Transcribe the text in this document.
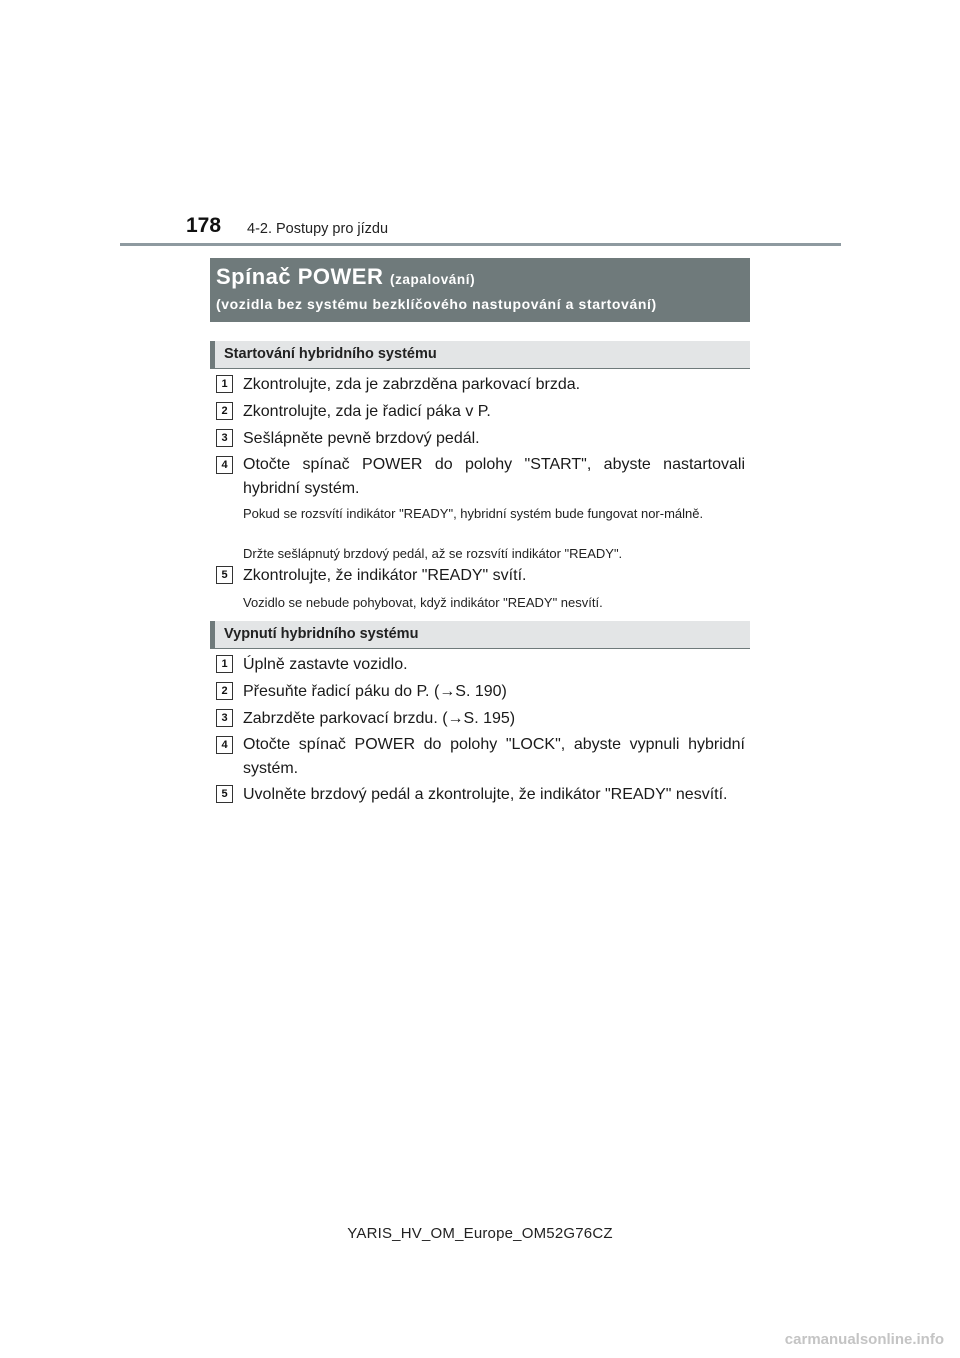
178 4-2. Postupy pro jízdu
Spínač POWER (zapalování)
(vozidla bez systému bezklíčového nastupování a startování)
Startování hybridního systému
1 Zkontrolujte, zda je zabrzděna parkovací brzda.
2 Zkontrolujte, zda je řadicí páka v P.
3 Sešlápněte pevně brzdový pedál.
4 Otočte spínač POWER do polohy "START", abyste nastartovali hybridní systém.
Pokud se rozsvítí indikátor "READY", hybridní systém bude fungovat nor-málně.
Držte sešlápnutý brzdový pedál, až se rozsvítí indikátor "READY".
5 Zkontrolujte, že indikátor "READY" svítí.
Vozidlo se nebude pohybovat, když indikátor "READY" nesvítí.
Vypnutí hybridního systému
1 Úplně zastavte vozidlo.
2 Přesuňte řadicí páku do P. (→S. 190)
3 Zabrzděte parkovací brzdu. (→S. 195)
4 Otočte spínač POWER do polohy "LOCK", abyste vypnuli hybridní systém.
5 Uvolněte brzdový pedál a zkontrolujte, že indikátor "READY" nesvítí.
YARIS_HV_OM_Europe_OM52G76CZ
carmanualsonline.info
